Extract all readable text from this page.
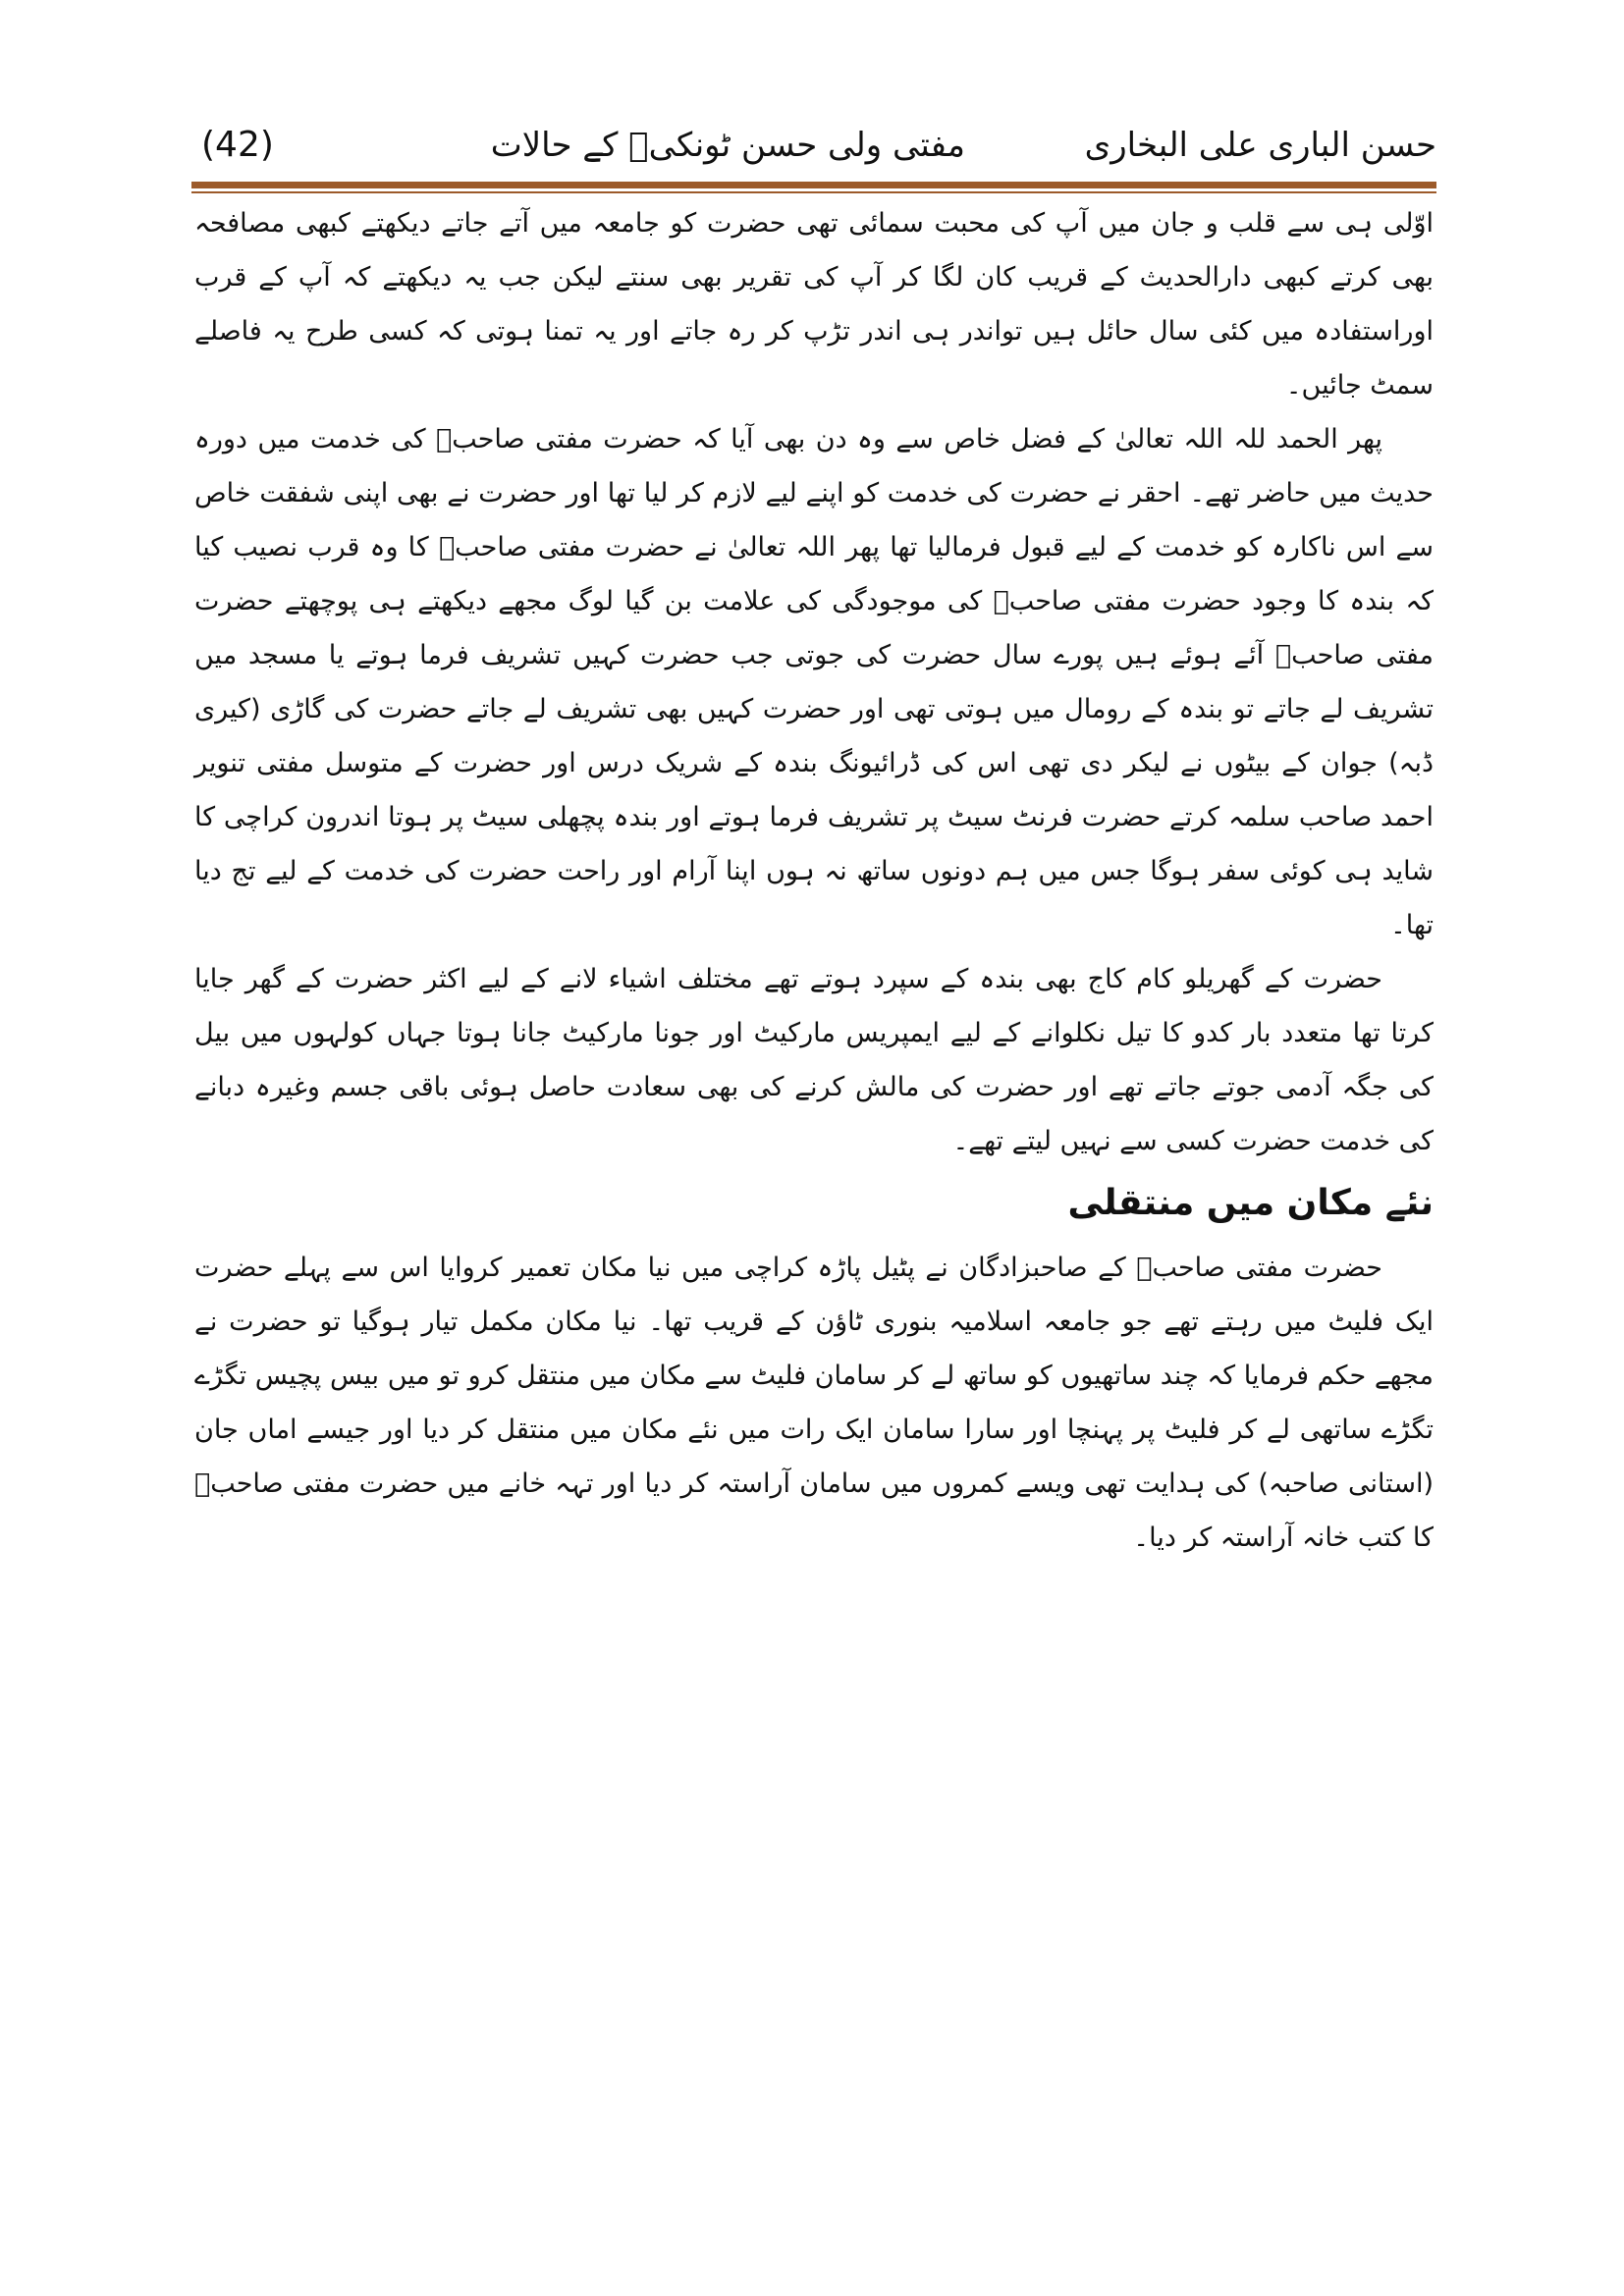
حسن الباری علی البخاری
مفتی ولی حسن ٹونکیؒ کے حالات
(42)

اوّلی ہی سے قلب و جان میں آپ کی محبت سمائی تھی حضرت کو جامعہ میں آتے جاتے دیکھتے کبھی مصافحہ بھی کرتے کبھی دارالحدیث کے قریب کان لگا کر آپ کی تقریر بھی سنتے لیکن جب یہ دیکھتے کہ آپ کے قرب اوراستفادہ میں کئی سال حائل ہیں تواندر ہی اندر تڑپ کر رہ جاتے اور یہ تمنا ہوتی کہ کسی طرح یہ فاصلے سمٹ جائیں۔

پھر الحمد للہ اللہ تعالیٰ کے فضل خاص سے وہ دن بھی آیا کہ حضرت مفتی صاحبؒ کی خدمت میں دورہ حدیث میں حاضر تھے۔ احقر نے حضرت کی خدمت کو اپنے لیے لازم کر لیا تھا اور حضرت نے بھی اپنی شفقت خاص سے اس ناکارہ کو خدمت کے لیے قبول فرمالیا تھا پھر اللہ تعالیٰ نے حضرت مفتی صاحبؒ کا وہ قرب نصیب کیا کہ بندہ کا وجود حضرت مفتی صاحبؒ کی موجودگی کی علامت بن گیا لوگ مجھے دیکھتے ہی پوچھتے حضرت مفتی صاحبؒ آئے ہوئے ہیں پورے سال حضرت کی جوتی جب حضرت کہیں تشریف فرما ہوتے یا مسجد میں تشریف لے جاتے تو بندہ کے رومال میں ہوتی تھی اور حضرت کہیں بھی تشریف لے جاتے حضرت کی گاڑی (کیری ڈبہ) جوان کے بیٹوں نے لیکر دی تھی اس کی ڈرائیونگ بندہ کے شریک درس اور حضرت کے متوسل مفتی تنویر احمد صاحب سلمہ کرتے حضرت فرنٹ سیٹ پر تشریف فرما ہوتے اور بندہ پچھلی سیٹ پر ہوتا اندرون کراچی کا شاید ہی کوئی سفر ہوگا جس میں ہم دونوں ساتھ نہ ہوں اپنا آرام اور راحت حضرت کی خدمت کے لیے تج دیا تھا۔

حضرت کے گھریلو کام کاج بھی بندہ کے سپرد ہوتے تھے مختلف اشیاء لانے کے لیے اکثر حضرت کے گھر جایا کرتا تھا متعدد بار کدو کا تیل نکلوانے کے لیے ایمپریس مارکیٹ اور جونا مارکیٹ جانا ہوتا جہاں کولہوں میں بیل کی جگہ آدمی جوتے جاتے تھے اور حضرت کی مالش کرنے کی بھی سعادت حاصل ہوئی باقی جسم وغیرہ دبانے کی خدمت حضرت کسی سے نہیں لیتے تھے۔

نئے مکان میں منتقلی

حضرت مفتی صاحبؒ کے صاحبزادگان نے پٹیل پاڑہ کراچی میں نیا مکان تعمیر کروایا اس سے پہلے حضرت ایک فلیٹ میں رہتے تھے جو جامعہ اسلامیہ بنوری ٹاؤن کے قریب تھا۔ نیا مکان مکمل تیار ہوگیا تو حضرت نے مجھے حکم فرمایا کہ چند ساتھیوں کو ساتھ لے کر سامان فلیٹ سے مکان میں منتقل کرو تو میں بیس پچیس تگڑے تگڑے ساتھی لے کر فلیٹ پر پہنچا اور سارا سامان ایک رات میں نئے مکان میں منتقل کر دیا اور جیسے اماں جان (استانی صاحبہ) کی ہدایت تھی ویسے کمروں میں سامان آراستہ کر دیا اور تہہ خانے میں حضرت مفتی صاحبؒ کا کتب خانہ آراستہ کر دیا۔
